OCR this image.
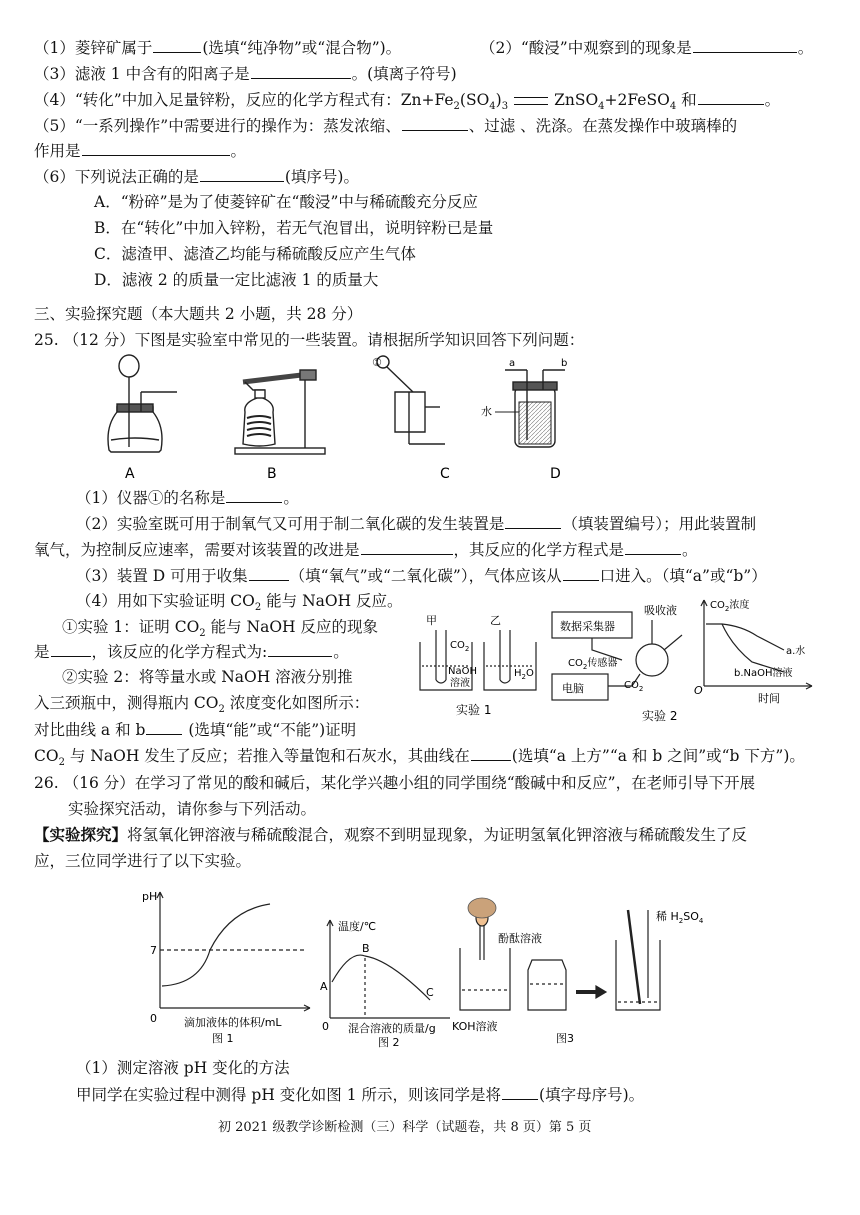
（1）菱锌矿属于	(选填“纯净物”或“混合物”)。	（2）“酸浸”中观察到的现象是	。
（3）滤液 1 中含有的阳离子是	。(填离子符号)
（4）“转化”中加入足量锌粉，反应的化学方程式有：$Zn+Fe_2(SO_4)_3$	ZnSO$_4$+2FeSO$_4$ 和	。
（5）“一系列操作”中需要进行的操作为：蒸发浓缩、	、过滤 、洗涤。在蒸发操作中玻璃棒的
作用是	。
（6）下列说法正确的是	(填序号)。
A．“粉碎”是为了使菱锌矿在“酸浸”中与稀硫酸充分反应
B．在“转化”中加入锌粉，若无气泡冒出，说明锌粉已是量
C．滤渣甲、滤渣乙均能与稀硫酸反应产生气体
D．滤液 2 的质量一定比滤液 1 的质量大
三、实验探究题（本大题共 2 小题，共 28 分）
25. （12 分）下图是实验室中常见的一些装置。请根据所学知识回答下列问题：
①	a	b
水
A	B	C	D
（1）仪器①的名称是	。
（2）实验室既可用于制氧气又可用于制二氧化碳的发生装置是	（填装置编号）；用此装置制
氧气，为控制反应速率，需要对该装置的改进是	，其反应的化学方程式是	。
（3）装置 D 可用于收集	（填“氧气”或“二氧化碳”），气体应该从 口进入。（填“a”或“b”）
（4）用如下实验证明 $CO_2$ 能与 NaOH 反应。
①实验 1：证明 $CO_2$ 能与 NaOH 反应的现象
是	，该反应的化学方程式为:	。
②实验 2：将等量水或 NaOH 溶液分别推
入三颈瓶中，测得瓶内 $CO_2$ 浓度变化如图所示：
对比曲线 a 和 b (选填“能”或“不能”)证明
$CO_2$ 与 NaOH 发生了反应；若推入等量饱和石灰水，其曲线在	(选填“a 上方”“a 和 b 之间”或“b 下方”)。
甲	乙
$CO_2$
NaOH
溶液
$H_2O$
实验 1
数据采集器
吸收液
$CO_2$传感器
电脑	$CO_2$
实验 2
$CO_2$浓度
a.水
b.NaOH溶液
O
时间
26. （16 分）在学习了常见的酸和碱后，某化学兴趣小组的同学围绕“酸碱中和反应”，在老师引导下开展
实验探究活动，请你参与下列活动。
【实验探究】将氢氧化钾溶液与稀硫酸混合，观察不到明显现象，为证明氢氧化钾溶液与稀硫酸发生了反
应，三位同学进行了以下实验。
pH
7
0 滴加液体的体积/mL
图 1
温度/℃
A
B
C
0 混合溶液的质量/g
图 2
酚酞溶液
KOH溶液
稀 $H_2SO_4$
图3
（1）测定溶液 pH 变化的方法
甲同学在实验过程中测得 pH 变化如图 1 所示，则该同学是将 (填字母序号)。
初 2021 级教学诊断检测（三）科学（试题卷，共 8 页）第 5 页
